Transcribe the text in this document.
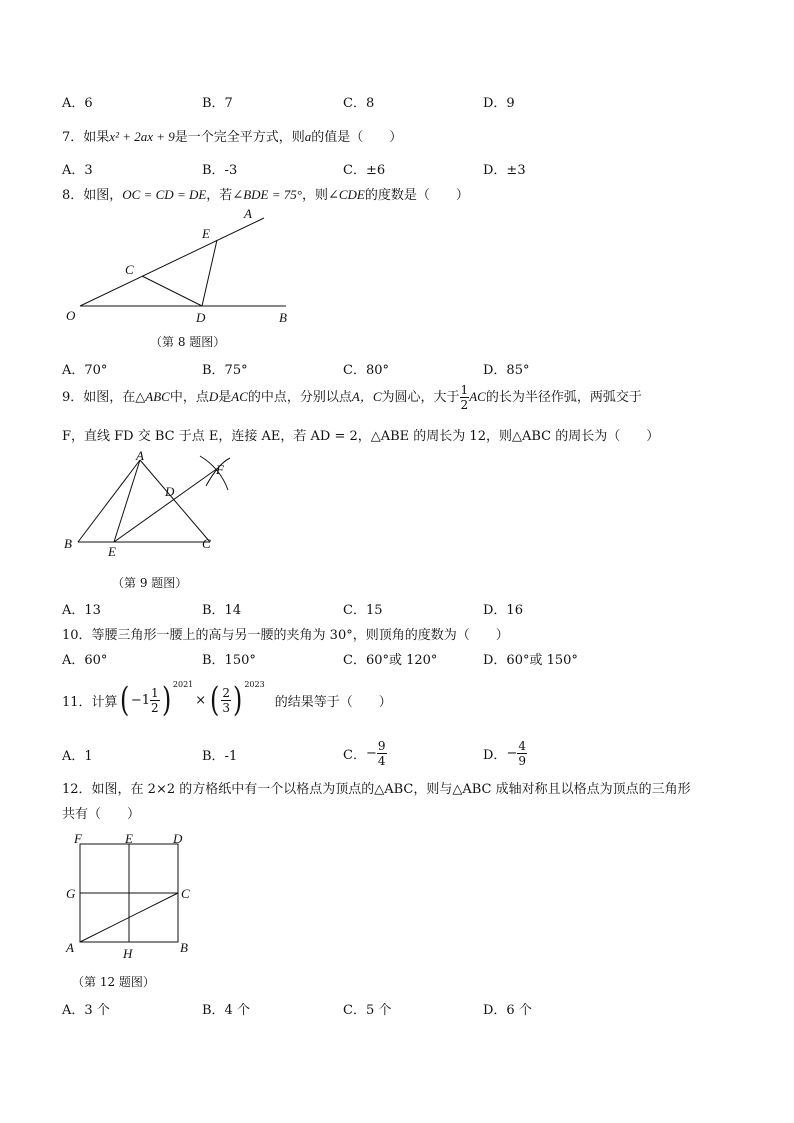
A．6	B．7	C．8	D．9
7．如果x² + 2ax + 9是一个完全平方式，则a的值是（　　）
A．3	B．-3	C．±6	D．±3
8．如图，OC = CD = DE，若∠BDE = 75°，则∠CDE的度数是（　　）
O	B
D
C
E
A
（第 8 题图）
A．70°	B．75°	C．80°	D．85°
9．如图，在△ABC中，点D是AC的中点，分别以点A，C为圆心，大于 $\frac{1}{2}$ AC的长为半径作弧，两弧交于
F，直线 FD 交 BC 于点 E，连接 AE，若 AD = 2，△ABE 的周长为 12，则△ABC 的周长为（　　）
A
B	C
D
E
F
（第 9 题图）
A．13	B．14	C．15	D．16
10．等腰三角形一腰上的高与另一腰的夹角为 30°，则顶角的度数为（　　）
A．60°	B．150°	C．60°或 120°	D．60°或 150°
11．计算 ( $-1 \frac{1}{2} )^{2021}$
× ( $\frac{2}{3} )^{2023}$
的结果等于（　　）
A．1	B．-1	C． − $\frac{9}{4}$	D． − $\frac{4}{9}$
12．如图，在 2×2 的方格纸中有一个以格点为顶点的△ABC，则与△ABC 成轴对称且以格点为顶点的三角形
共有（　　）
F	E	D
G	C
A	H	B
（第 12 题图）
A．3 个	B．4 个	C．5 个	D．6 个
